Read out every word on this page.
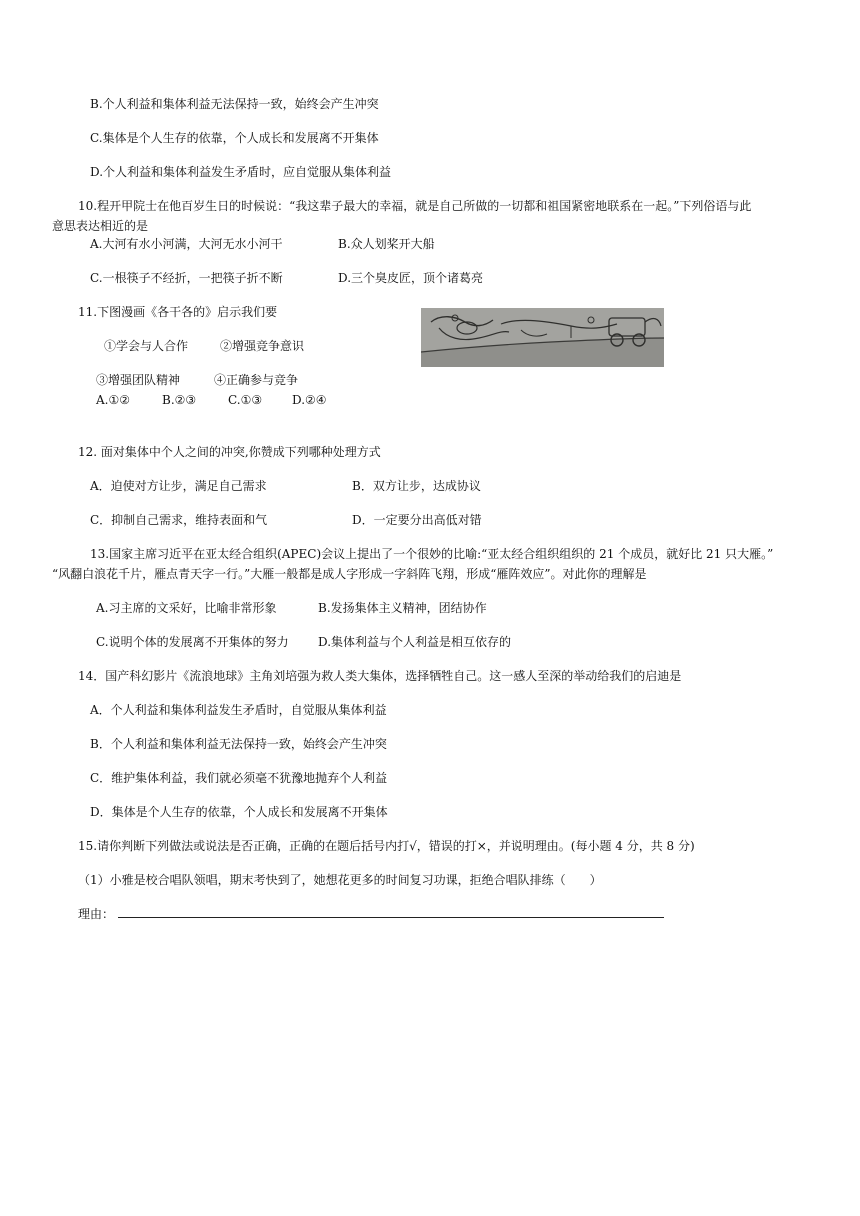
B.个人利益和集体利益无法保持一致，始终会产生冲突
C.集体是个人生存的依靠，个人成长和发展离不开集体
D.个人利益和集体利益发生矛盾时，应自觉服从集体利益
10.程开甲院士在他百岁生日的时候说：“我这辈子最大的幸福，就是自己所做的一切都和祖国紧密地联系在一起。”下列俗语与此
意思表达相近的是
A.大河有水小河满，大河无水小河干	B.众人划桨开大船
C.一根筷子不经折，一把筷子折不断	D.三个臭皮匠，顶个诸葛亮
11.下图漫画《各干各的》启示我们要
①学会与人合作	②增强竞争意识
③增强团队精神	④正确参与竞争
A.①②	B.②③	C.①③ D.②④
12. 面对集体中个人之间的冲突,你赞成下列哪种处理方式
A．迫使对方让步，满足自己需求	B．双方让步，达成协议
C．抑制自己需求，维持表面和气	D．一定要分出高低对错
13.国家主席习近平在亚太经合组织(APEC)会议上提出了一个很妙的比喻:“亚太经合组织组织的 21 个成员，就好比 21 只大雁。”
“风翻白浪花千片，雁点青天字一行。”大雁一般都是成人字形成一字斜阵飞翔，形成“雁阵效应”。对此你的理解是
A.习主席的文采好，比喻非常形象	B.发扬集体主义精神，团结协作
C.说明个体的发展离不开集体的努力 D.集体利益与个人利益是相互依存的
14．国产科幻影片《流浪地球》主角刘培强为救人类大集体，选择牺牲自己。这一感人至深的举动给我们的启迪是
A．个人利益和集体利益发生矛盾时，自觉服从集体利益
B．个人利益和集体利益无法保持一致，始终会产生冲突
C．维护集体利益，我们就必须毫不犹豫地抛弃个人利益
D．集体是个人生存的依靠，个人成长和发展离不开集体
15.请你判断下列做法或说法是否正确，正确的在题后括号内打√，错误的打×，并说明理由。(每小题 4 分，共 8 分)
（1）小雅是校合唱队领唱，期末考快到了，她想花更多的时间复习功课，拒绝合唱队排练（　　）
理由：
